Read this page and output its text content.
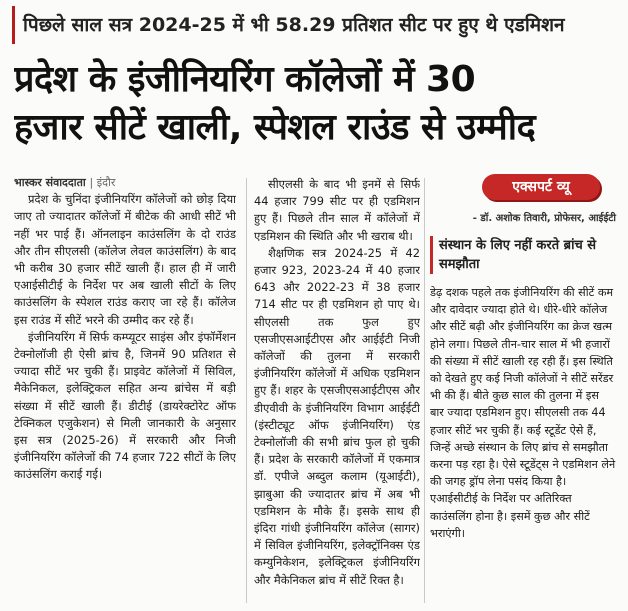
पिछले साल सत्र 2024-25 में भी 58.29 प्रतिशत सीट पर हुए थे एडमिशन
प्रदेश के इंजीनियरिंग कॉलेजों में 30
हजार सीटें खाली, स्पेशल राउंड से उम्मीद

भास्कर संवाददाता | इंदौर

प्रदेश के चुनिंदा इंजीनियरिंग कॉलेजों को छोड़ दिया जाए तो ज्यादातर कॉलेजों में बीटेक की आधी सीटें भी नहीं भर पाई हैं। ऑनलाइन काउंसलिंग के दो राउंड और तीन सीएलसी (कॉलेज लेवल काउंसलिंग) के बाद भी करीब 30 हजार सीटें खाली हैं। हाल ही में जारी एआईसीटीई के निर्देश पर अब खाली सीटों के लिए काउंसलिंग के स्पेशल राउंड कराए जा रहे हैं। कॉलेज इस राउंड में सीटें भरने की उम्मीद कर रहे हैं।

इंजीनियरिंग में सिर्फ कम्प्यूटर साइंस और इंफॉर्मेशन टेक्नोलॉजी ही ऐसी ब्रांच है, जिनमें 90 प्रतिशत से ज्यादा सीटें भर चुकी हैं। प्राइवेट कॉलेजों में सिविल, मैकेनिकल, इलेक्ट्रिकल सहित अन्य ब्रांचेस में बड़ी संख्या में सीटें खाली हैं। डीटीई (डायरेक्टोरेट ऑफ टेक्निकल एजुकेशन) से मिली जानकारी के अनुसार इस सत्र (2025-26) में सरकारी और निजी इंजीनियरिंग कॉलेजों की 74 हजार 722 सीटों के लिए काउंसलिंग कराई गई।

सीएलसी के बाद भी इनमें से सिर्फ 44 हजार 799 सीट पर ही एडमिशन हुए हैं। पिछले तीन साल में कॉलेजों में एडमिशन की स्थिति और भी खराब थी।

शैक्षणिक सत्र 2024-25 में 42 हजार 923, 2023-24 में 40 हजार 643 और 2022-23 में 38 हजार 714 सीट पर ही एडमिशन हो पाए थे। सीएलसी तक फुल हुए एसजीएसआईटीएस और आईईटी निजी कॉलेजों की तुलना में सरकारी इंजीनियरिंग कॉलेजों में अधिक एडमिशन हुए हैं। शहर के एसजीएसआईटीएस और डीएवीवी के इंजीनियरिंग विभाग आईईटी (इंस्टीट्यूट ऑफ इंजीनियरिंग) एंड टेक्नोलॉजी की सभी ब्रांच फुल हो चुकी हैं। प्रदेश के सरकारी कॉलेजों में एकमात्र डॉ. एपीजे अब्दुल कलाम (यूआईटी), झाबुआ की ज्यादातर ब्रांच में अब भी एडमिशन के मौके हैं। इसके साथ ही इंदिरा गांधी इंजीनियरिंग कॉलेज (सागर) में सिविल इंजीनियरिंग, इलेक्ट्रॉनिक्स एंड कम्युनिकेशन, इलेक्ट्रिकल इंजीनियरिंग और मैकेनिकल ब्रांच में सीटें रिक्त है।

एक्सपर्ट व्यू
- डॉ. अशोक तिवारी, प्रोफेसर, आईईटी
संस्थान के लिए नहीं करते ब्रांच से समझौता

डेढ़ दशक पहले तक इंजीनियरिंग की सीटें कम और दावेदार ज्यादा होते थे। धीरे-धीरे कॉलेज और सीटें बढ़ी और इंजीनियरिंग का क्रेज खत्म होने लगा। पिछले तीन-चार साल में भी हजारों की संख्या में सीटें खाली रह रही हैं। इस स्थिति को देखते हुए कई निजी कॉलेजों ने सीटें सरेंडर भी की हैं। बीते कुछ साल की तुलना में इस बार ज्यादा एडमिशन हुए। सीएलसी तक 44 हजार सीटें भर चुकी हैं। कई स्टूडेंट ऐसे हैं, जिन्हें अच्छे संस्थान के लिए ब्रांच से समझौता करना पड़ रहा है। ऐसे स्टूडेंट्स ने एडमिशन लेने की जगह ड्रॉप लेना पसंद किया है। एआईसीटीई के निर्देश पर अतिरिक्त काउंसलिंग होना है। इसमें कुछ और सीटें भराएंगी।
